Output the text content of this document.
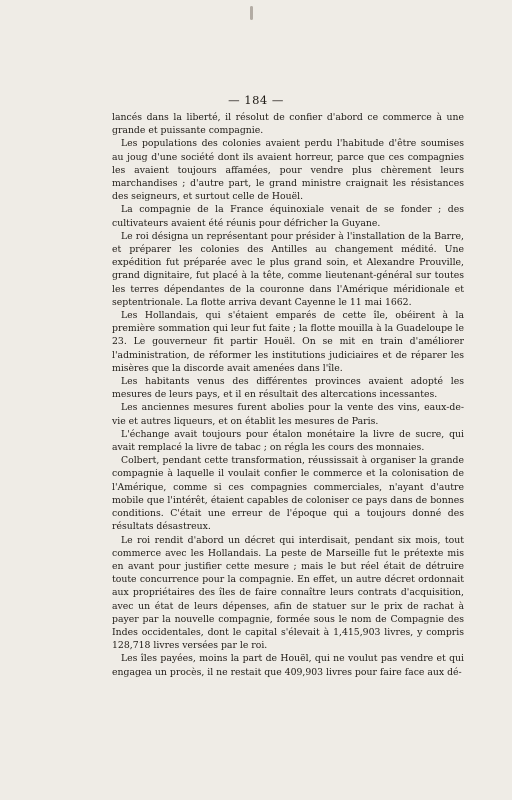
— 184 —

lancés dans la liberté, il résolut de confier d'abord ce commerce à une grande et puissante compagnie.

Les populations des colonies avaient perdu l'habitude d'être soumises au joug d'une société dont ils avaient horreur, parce que ces compagnies les avaient toujours affamées, pour vendre plus chèrement leurs marchandises ; d'autre part, le grand ministre craignait les résistances des seigneurs, et surtout celle de Houël.

La compagnie de la France équinoxiale venait de se fonder ; des cultivateurs avaient été réunis pour défricher la Guyane.

Le roi désigna un représentant pour présider à l'installation de la Barre, et préparer les colonies des Antilles au changement médité. Une expédition fut préparée avec le plus grand soin, et Alexandre Prouville, grand dignitaire, fut placé à la tête, comme lieutenant-général sur toutes les terres dépendantes de la couronne dans l'Amérique méridionale et septentrionale. La flotte arriva devant Cayenne le 11 mai 1662.

Les Hollandais, qui s'étaient emparés de cette île, obéirent à la première sommation qui leur fut faite ; la flotte mouilla à la Guadeloupe le 23. Le gouverneur fit partir Houël. On se mit en train d'améliorer l'administration, de réformer les institutions judiciaires et de réparer les misères que la discorde avait amenées dans l'île.

Les habitants venus des différentes provinces avaient adopté les mesures de leurs pays, et il en résultait des altercations incessantes.

Les anciennes mesures furent abolies pour la vente des vins, eaux-de-vie et autres liqueurs, et on établit les mesures de Paris.

L'échange avait toujours pour étalon monétaire la livre de sucre, qui avait remplacé la livre de tabac ; on régla les cours des monnaies.

Colbert, pendant cette transformation, réussissait à organiser la grande compagnie à laquelle il voulait confier le commerce et la colonisation de l'Amérique, comme si ces compagnies commerciales, n'ayant d'autre mobile que l'intérêt, étaient capables de coloniser ce pays dans de bonnes conditions. C'était une erreur de l'époque qui a toujours donné des résultats désastreux.

Le roi rendit d'abord un décret qui interdisait, pendant six mois, tout commerce avec les Hollandais. La peste de Marseille fut le prétexte mis en avant pour justifier cette mesure ; mais le but réel était de détruire toute concurrence pour la compagnie. En effet, un autre décret ordonnait aux propriétaires des îles de faire connaître leurs contrats d'acquisition, avec un état de leurs dépenses, afin de statuer sur le prix de rachat à payer par la nouvelle compagnie, formée sous le nom de Compagnie des Indes occidentales, dont le capital s'élevait à 1,415,903 livres, y compris 128,718 livres versées par le roi.

Les îles payées, moins la part de Houël, qui ne voulut pas vendre et qui engagea un procès, il ne restait que 409,903 livres pour faire face aux dé-
